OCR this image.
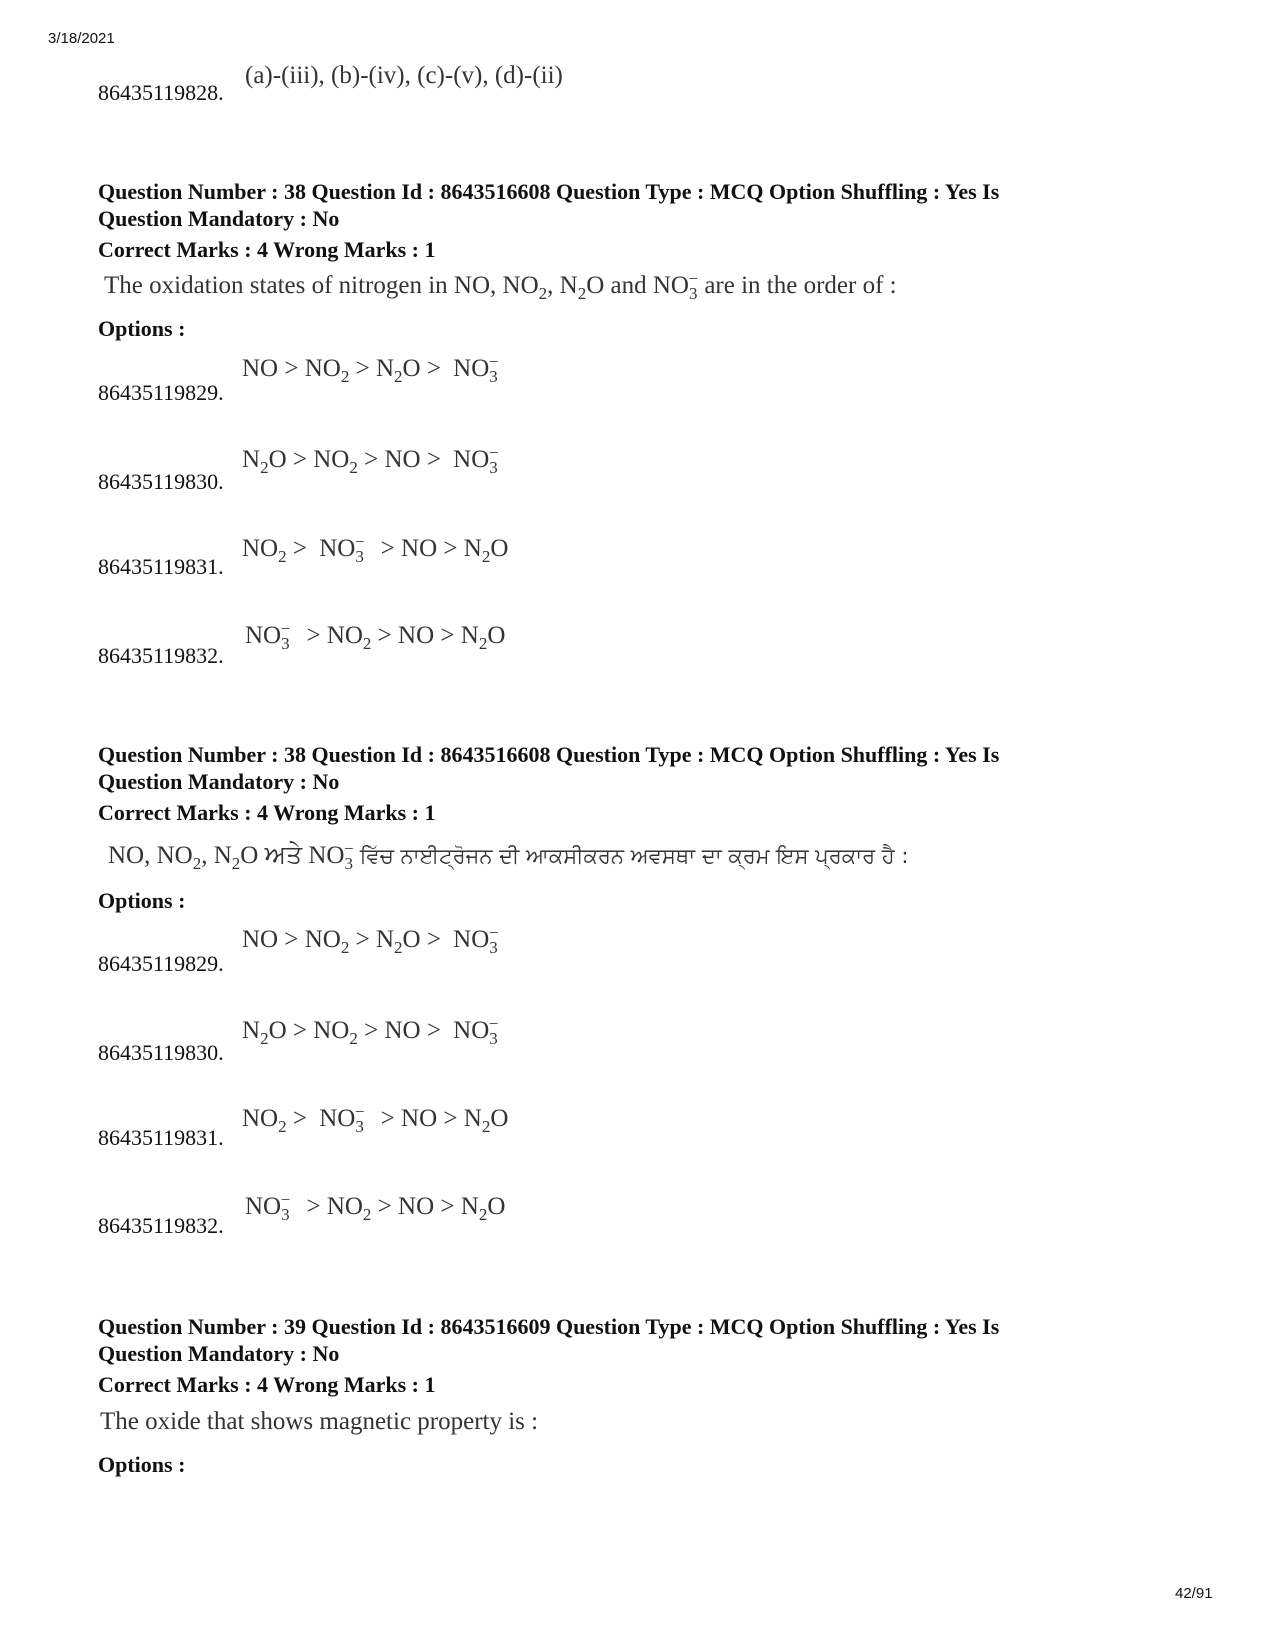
3/18/2021
86435119828.
(a)-(iii), (b)-(iv), (c)-(v), (d)-(ii)
Question Number : 38 Question Id : 8643516608 Question Type : MCQ Option Shuffling : Yes Is
Question Mandatory : No
Correct Marks : 4 Wrong Marks : 1
The oxidation states of nitrogen in NO, $NO_2$, $N_2O$ and $NO_3^-$ are in the order of :
Options :
86435119829.
NO > $NO_2 > N_2O > NO_3^-$
86435119830.
$N_2O > NO_2$ > NO > $NO_3^-$
86435119831.
$NO_2 > NO_3^-$ > NO > $N_2O$
86435119832.
$NO_3^- > NO_2$ > NO > $N_2O$
Question Number : 38 Question Id : 8643516608 Question Type : MCQ Option Shuffling : Yes Is
Question Mandatory : No
Correct Marks : 4 Wrong Marks : 1
NO, $NO_2$, $N_2O$ ਅਤੇ $NO_3^-$ ਵਿੱਚ ਨਾਈਟ੍ਰੋਜਨ ਦੀ ਆਕਸੀਕਰਨ ਅਵਸਥਾ ਦਾ ਕ੍ਰਮ ਇਸ ਪ੍ਰਕਾਰ ਹੈ :
Options :
86435119829.
NO > $NO_2 > N_2O > NO_3^-$
86435119830.
$N_2O > NO_2$ > NO > $NO_3^-$
86435119831.
$NO_2 > NO_3^-$ > NO > $N_2O$
86435119832.
$NO_3^- > NO_2$ > NO > $N_2O$
Question Number : 39 Question Id : 8643516609 Question Type : MCQ Option Shuffling : Yes Is
Question Mandatory : No
Correct Marks : 4 Wrong Marks : 1
The oxide that shows magnetic property is :
Options :
42/91
